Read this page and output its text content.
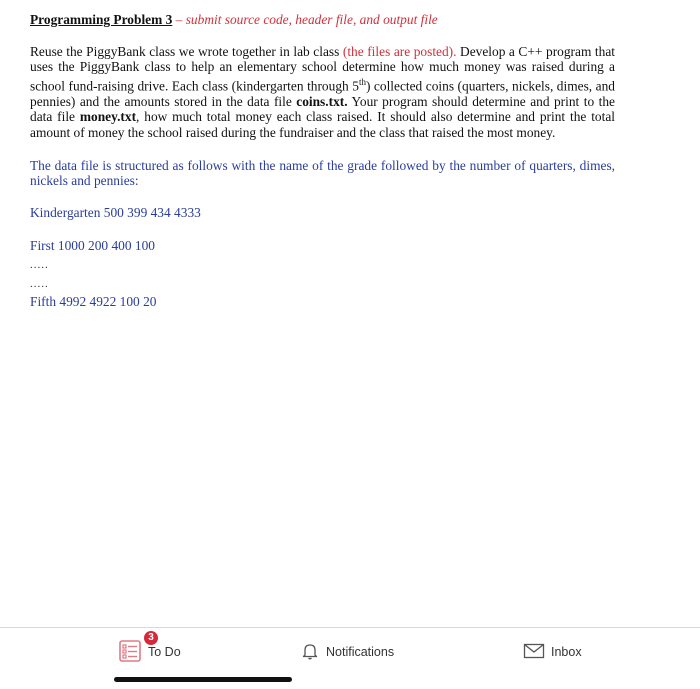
Programming Problem 3 – submit source code, header file, and output file

Reuse the PiggyBank class we wrote together in lab class (the files are posted). Develop a C++ program that uses the PiggyBank class to help an elementary school determine how much money was raised during a school fund-raising drive. Each class (kindergarten through 5th) collected coins (quarters, nickels, dimes, and pennies) and the amounts stored in the data file coins.txt. Your program should determine and print to the data file money.txt, how much total money each class raised. It should also determine and print the total amount of money the school raised during the fundraiser and the class that raised the most money.

The data file is structured as follows with the name of the grade followed by the number of quarters, dimes, nickels and pennies:

Kindergarten 500 399 434 4333

First 1000 200 400 100

.....

.....

Fifth 4992 4922 100 20

3
To Do	Notifications	Inbox
